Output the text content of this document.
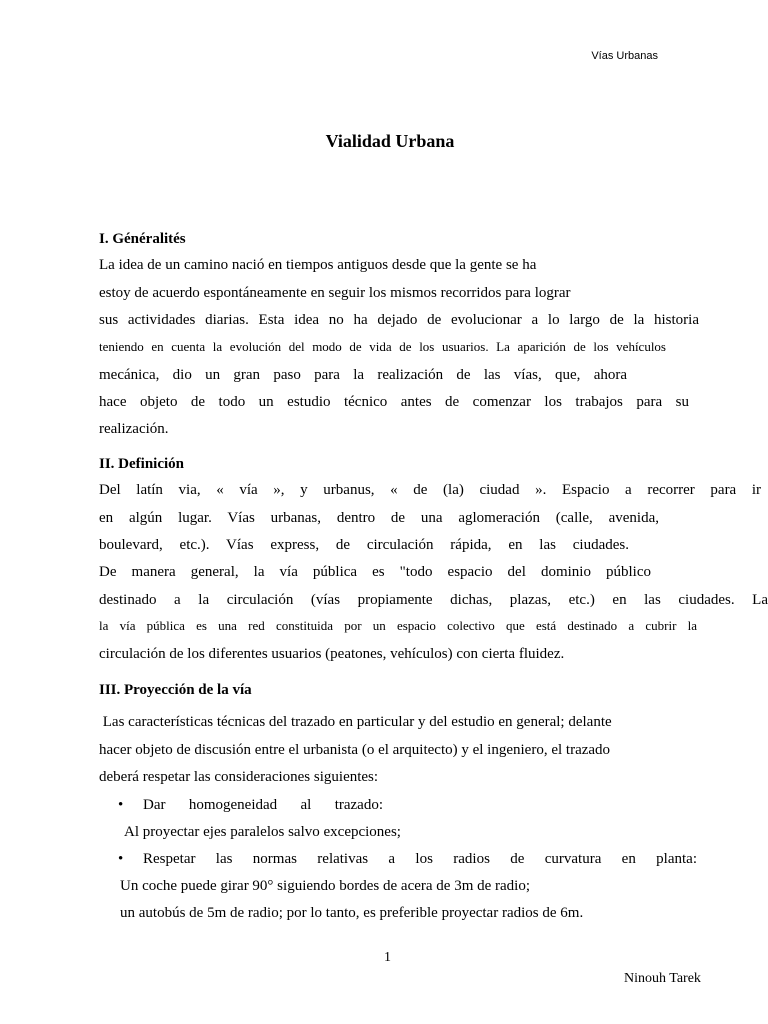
Vías Urbanas
Vialidad Urbana
I. Généralités
La idea de un camino nació en tiempos antiguos desde que la gente se ha
estoy de acuerdo espontáneamente en seguir los mismos recorridos para lograr
sus actividades diarias. Esta idea no ha dejado de evolucionar a lo largo de la historia
teniendo en cuenta la evolución del modo de vida de los usuarios. La aparición de los vehículos
mecánica, dio un gran paso para la realización de las vías, que, ahora
hace objeto de todo un estudio técnico antes de comenzar los trabajos para su
realización.
II. Definición
Del latín via, « vía », y urbanus, « de (la) ciudad ». Espacio a recorrer para ir
en algún lugar. Vías urbanas, dentro de una aglomeración (calle, avenida,
boulevard, etc.). Vías express, de circulación rápida, en las ciudades.
De manera general, la vía pública es "todo espacio del dominio público
destinado a la circulación (vías propiamente dichas, plazas, etc.) en las ciudades. La
la vía pública es una red constituida por un espacio colectivo que está destinado a cubrir la
circulación de los diferentes usuarios (peatones, vehículos) con cierta fluidez.
III. Proyección de la vía
Las características técnicas del trazado en particular y del estudio en general; delante
hacer objeto de discusión entre el urbanista (o el arquitecto) y el ingeniero, el trazado
deberá respetar las consideraciones siguientes:
• Dar homogeneidad al trazado:
Al proyectar ejes paralelos salvo excepciones;
• Respetar las normas relativas a los radios de curvatura en planta:
Un coche puede girar 90° siguiendo bordes de acera de 3m de radio;
un autobús de 5m de radio; por lo tanto, es preferible proyectar radios de 6m.
1
Ninouh Tarek
